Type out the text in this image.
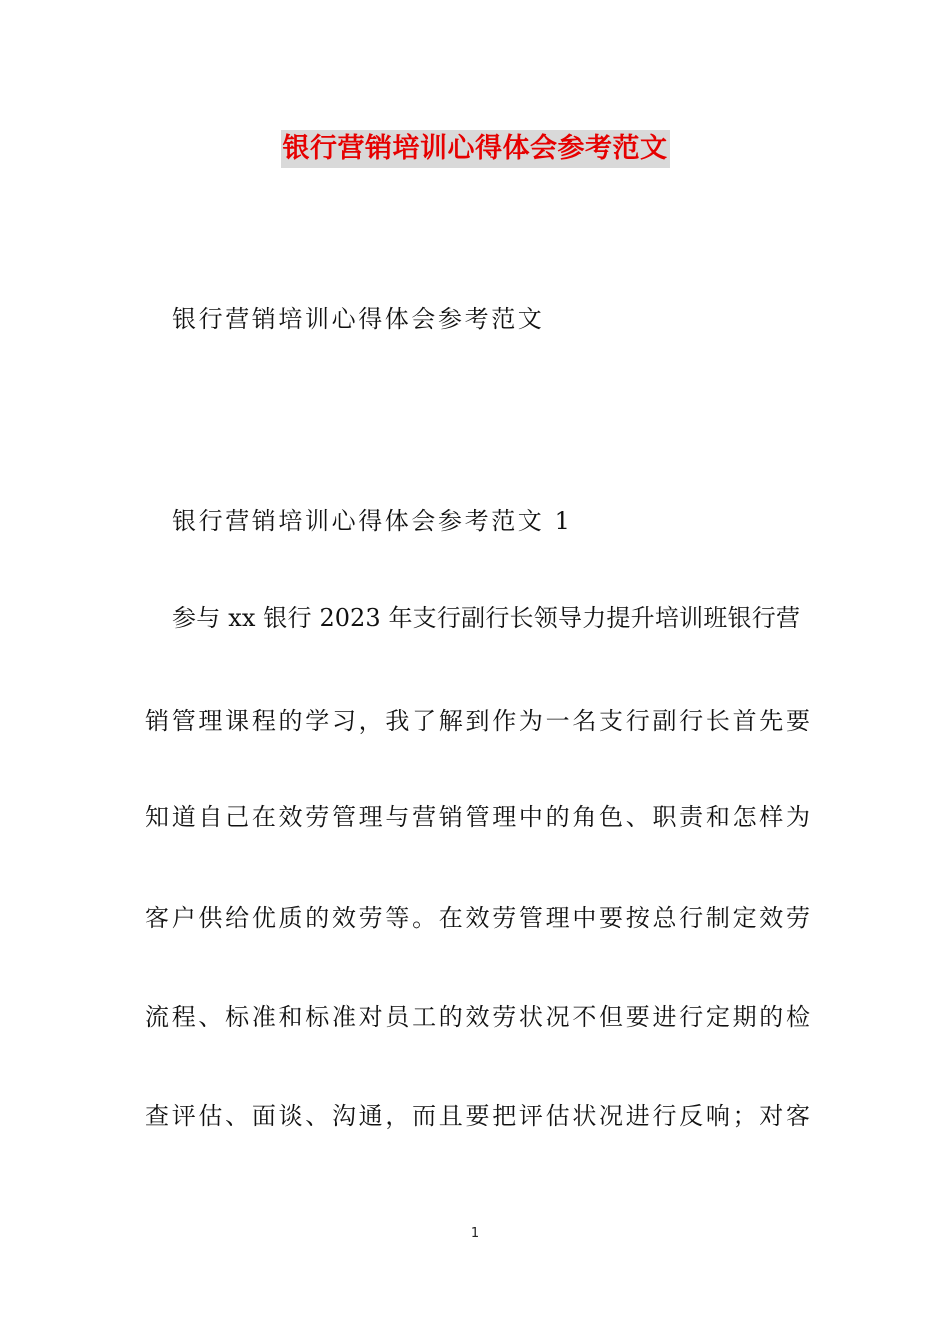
银行营销培训心得体会参考范文
银行营销培训心得体会参考范文
银行营销培训心得体会参考范文 1
参与 xx 银行 2023 年支行副行长领导力提升培训班银行营
销管理课程的学习，我了解到作为一名支行副行长首先要
知道自己在效劳管理与营销管理中的角色、职责和怎样为
客户供给优质的效劳等。在效劳管理中要按总行制定效劳
流程、标准和标准对员工的效劳状况不但要进行定期的检
查评估、面谈、沟通，而且要把评估状况进行反响；对客
1
